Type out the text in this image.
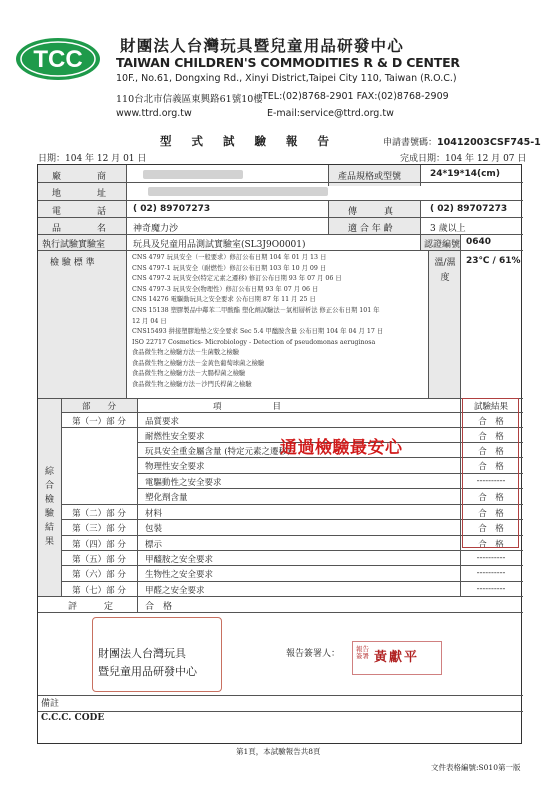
TCC
財團法人台灣玩具暨兒童用品研發中心
TAIWAN CHILDREN'S COMMODITIES R & D CENTER
10F., No.61, Dongxing Rd., Xinyi District,Taipei City 110, Taiwan (R.O.C.)
110台北市信義區東興路61號10樓 TEL:(02)8768-2901 FAX:(02)8768-2909
www.ttrd.org.tw	E-mail:service@ttrd.org.tw
型式試驗報告	申請書號碼：10412003CSF745-1
日期：104 年 12 月 01 日	完成日期：104 年 12 月 07 日
廠　　　　商	產品規格或型號	24*19*14(cm)
地　　　　址
電　　　　話	( 02) 89707273	傳　　　真	( 02) 89707273
品　　　　名	神奇魔力沙	適 合 年 齡	3 歲以上
執行試驗實驗室	玩具及兒童用品測試實驗室(SL3J9O0001)	認證編號 0640
檢 驗 標 準	溫/濕度
23℃ / 61%
CNS 4797 玩具安全（一般要求）修訂公布日期 104 年 01 月 13 日
CNS 4797-1 玩具安全（耐燃性）修訂公布日期 103 年 10 月 09 日
CNS 4797-2 玩具安全(特定元素之遷移) 修訂公布日期 93 年 07 月 06 日
CNS 4797-3 玩具安全(物理性）修訂公布日期 93 年 07 月 06 日
CNS 14276 電驅動玩具之安全要求 公布日期 87 年 11 月 25 日
CNS 15138 塑膠製品中鄰苯二甲酸酯 塑化劑試驗法－氣相層析法 修正公布日期 101 年
12 月 04 日
CNS15493 拼接塑膠地墊之安全要求 Sec 5.4 甲醯胺含量 公布日期 104 年 04 月 17 日
ISO 22717 Cosmetics- Microbiology - Detection of pseudomonas aeruginosa
食品微生物之檢驗方法－生菌數之檢驗
食品微生物之檢驗方法－金黃色葡萄球菌之檢驗
食品微生物之檢驗方法－大腸桿菌之檢驗
食品微生物之檢驗方法－沙門氏桿菌之檢驗
綜合檢驗結果
部　　分	項　　　　　　目	試驗結果
第（一）部 分	品質要求	合　格
耐燃性安全要求	合　格
玩具安全重金屬含量 (特定元素之遷移)	合　格
物理性安全要求	合　格
電驅動性之安全要求	----------
塑化劑含量	合　格
第（二）部 分	材料	合　格
第（三）部 分	包裝	合　格
第（四）部 分	標示	合　格
第（五）部 分	甲醯胺之安全要求	----------
第（六）部 分	生物性之安全要求	----------
第（七）部 分	甲醛之安全要求	----------
評　　　定	合　格
通過檢驗最安心
財團法人台灣玩具
暨兒童用品研發中心
報告簽署人： 報告簽署 黃獻平
備註
C.C.C. CODE
第1頁，本試驗報告共8頁
文件表格編號:S010第一版
